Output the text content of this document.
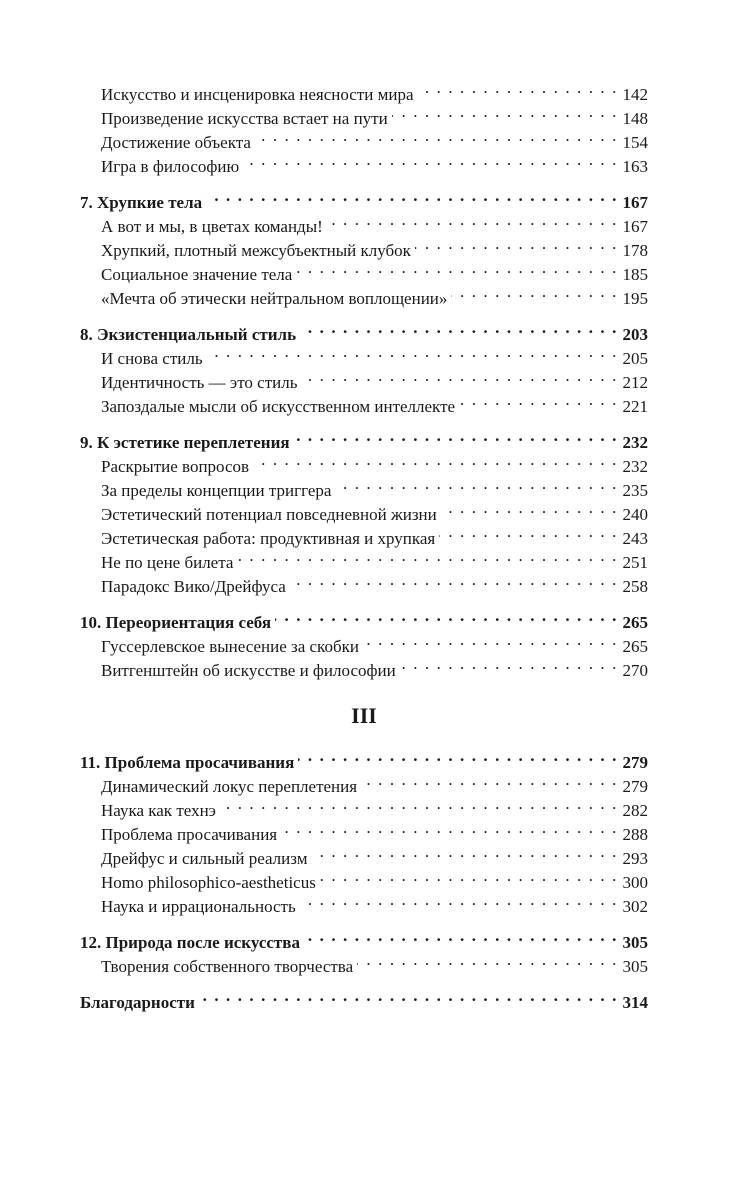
Искусство и инсценировка неясности мира . . .	142
Произведение искусства встает на пути . . .	148
Достижение объекта . . .	154
Игра в философию . . .	163
7. Хрупкие тела . . .	167
А вот и мы, в цветах команды! . . .	167
Хрупкий, плотный межсубъектный клубок . . .	178
Социальное значение тела . . .	185
«Мечта об этически нейтральном воплощении» . . .	195
8. Экзистенциальный стиль . . .	203
И снова стиль . . .	205
Идентичность — это стиль . . .	212
Запоздалые мысли об искусственном интеллекте . . .	221
9. К эстетике переплетения . . .	232
Раскрытие вопросов . . .	232
За пределы концепции триггера . . .	235
Эстетический потенциал повседневной жизни . . .	240
Эстетическая работа: продуктивная и хрупкая . . .	243
Не по цене билета . . .	251
Парадокс Вико/Дрейфуса . . .	258
10. Переориентация себя . . .	265
Гуссерлевское вынесение за скобки . . .	265
Витгенштейн об искусстве и философии . . .	270
III
11. Проблема просачивания . . .	279
Динамический локус переплетения . . .	279
Наука как технэ . . .	282
Проблема просачивания . . .	288
Дрейфус и сильный реализм . . .	293
Homo philosophico-aestheticus . . .	300
Наука и иррациональность . . .	302
12. Природа после искусства . . .	305
Творения собственного творчества . . .	305
Благодарности . . .	314
